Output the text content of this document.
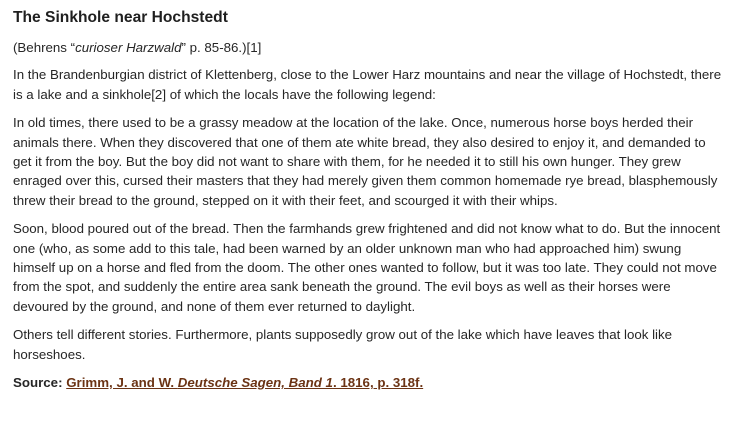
The Sinkhole near Hochstedt

(Behrens “curioser Harzwald” p. 85-86.)[1]

In the Brandenburgian district of Klettenberg, close to the Lower Harz mountains and near the village of Hochstedt, there is a lake and a sinkhole[2] of which the locals have the following legend:

In old times, there used to be a grassy meadow at the location of the lake. Once, numerous horse boys herded their animals there. When they discovered that one of them ate white bread, they also desired to enjoy it, and demanded to get it from the boy. But the boy did not want to share with them, for he needed it to still his own hunger. They grew enraged over this, cursed their masters that they had merely given them common homemade rye bread, blasphemously threw their bread to the ground, stepped on it with their feet, and scourged it with their whips.

Soon, blood poured out of the bread. Then the farmhands grew frightened and did not know what to do. But the innocent one (who, as some add to this tale, had been warned by an older unknown man who had approached him) swung himself up on a horse and fled from the doom. The other ones wanted to follow, but it was too late. They could not move from the spot, and suddenly the entire area sank beneath the ground. The evil boys as well as their horses were devoured by the ground, and none of them ever returned to daylight.

Others tell different stories. Furthermore, plants supposedly grow out of the lake which have leaves that look like horseshoes.

Source: Grimm, J. and W. Deutsche Sagen, Band 1. 1816, p. 318f.
